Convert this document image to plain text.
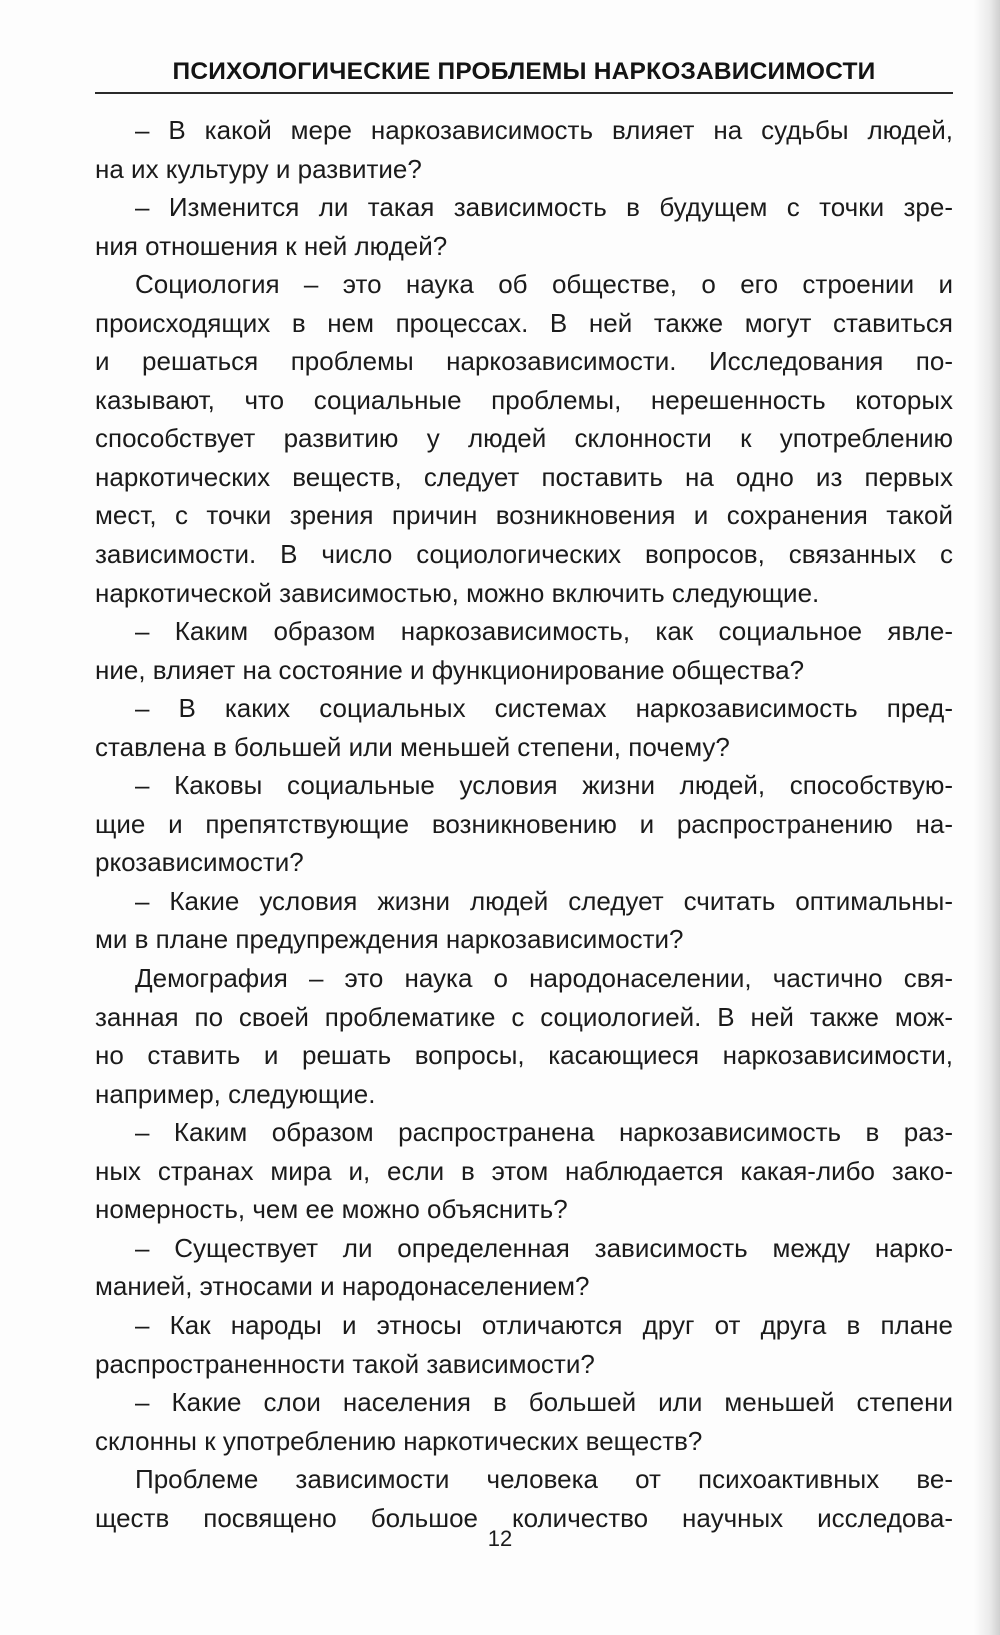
ПСИХОЛОГИЧЕСКИЕ ПРОБЛЕМЫ НАРКОЗАВИСИМОСТИ
– В какой мере наркозависимость влияет на судьбы людей,
на их культуру и развитие?
– Изменится ли такая зависимость в будущем с точки зре-
ния отношения к ней людей?
Социология – это наука об обществе, о его строении и
происходящих в нем процессах. В ней также могут ставиться
и решаться проблемы наркозависимости. Исследования по-
казывают, что социальные проблемы, нерешенность которых
способствует развитию у людей склонности к употреблению
наркотических веществ, следует поставить на одно из первых
мест, с точки зрения причин возникновения и сохранения такой
зависимости. В число социологических вопросов, связанных с
наркотической зависимостью, можно включить следующие.
– Каким образом наркозависимость, как социальное явле-
ние, влияет на состояние и функционирование общества?
– В каких социальных системах наркозависимость пред-
ставлена в большей или меньшей степени, почему?
– Каковы социальные условия жизни людей, способствую-
щие и препятствующие возникновению и распространению на-
ркозависимости?
– Какие условия жизни людей следует считать оптимальны-
ми в плане предупреждения наркозависимости?
Демография – это наука о народонаселении, частично свя-
занная по своей проблематике с социологией. В ней также мож-
но ставить и решать вопросы, касающиеся наркозависимости,
например, следующие.
– Каким образом распространена наркозависимость в раз-
ных странах мира и, если в этом наблюдается какая-либо зако-
номерность, чем ее можно объяснить?
– Существует ли определенная зависимость между нарко-
манией, этносами и народонаселением?
– Как народы и этносы отличаются друг от друга в плане
распространенности такой зависимости?
– Какие слои населения в большей или меньшей степени
склонны к употреблению наркотических веществ?
Проблеме зависимости человека от психоактивных ве-
ществ посвящено большое количество научных исследова-
12
